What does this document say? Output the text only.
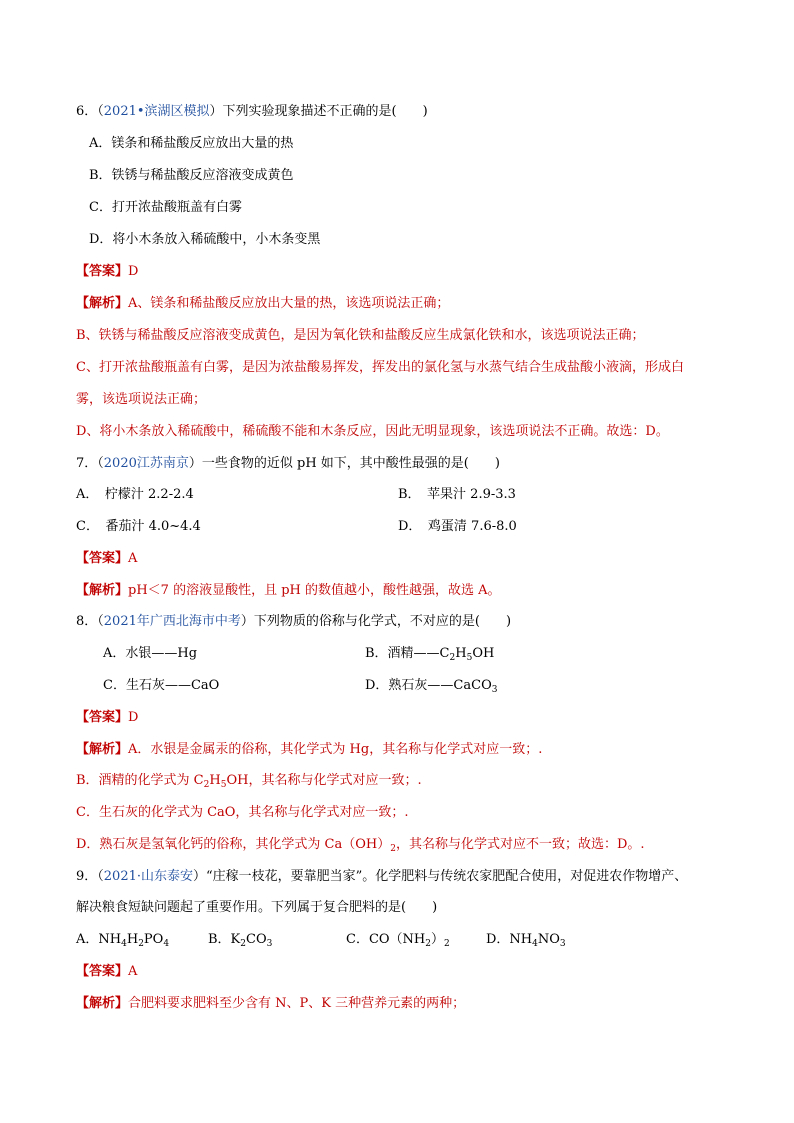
6．（2021•滨湖区模拟）下列实验现象描述不正确的是(　　)
A．镁条和稀盐酸反应放出大量的热
B．铁锈与稀盐酸反应溶液变成黄色
C．打开浓盐酸瓶盖有白雾
D．将小木条放入稀硫酸中，小木条变黑
【答案】D
【解析】A、镁条和稀盐酸反应放出大量的热，该选项说法正确；
B、铁锈与稀盐酸反应溶液变成黄色，是因为氧化铁和盐酸反应生成氯化铁和水，该选项说法正确；
C、打开浓盐酸瓶盖有白雾，是因为浓盐酸易挥发，挥发出的氯化氢与水蒸气结合生成盐酸小液滴，形成白
雾，该选项说法正确；
D、将小木条放入稀硫酸中，稀硫酸不能和木条反应，因此无明显现象，该选项说法不正确。故选：D。
7．（2020江苏南京）一些食物的近似 pH 如下，其中酸性最强的是(　　)
A．　柠檬汁 2.2-2.4	B．　苹果汁 2.9-3.3
C．　番茄汁 4.0~4.4	D．　鸡蛋清 7.6-8.0
【答案】A
【解析】pH＜7 的溶液显酸性，且 pH 的数值越小，酸性越强，故选 A。
8．（2021年广西北海市中考）下列物质的俗称与化学式，不对应的是(　　)
A．水银——Hg	B．酒精$——C_2H_5OH$
C．生石灰——CaO	D．熟石灰——CaCO$_3$
【答案】D
【解析】A．水银是金属汞的俗称，其化学式为 Hg，其名称与化学式对应一致；.
B．酒精的化学式为 $C_2H_5OH$，其名称与化学式对应一致；.
C．生石灰的化学式为 CaO，其名称与化学式对应一致；.
D．熟石灰是氢氧化钙的俗称，其化学式为 $Ca(OH)_2$，其名称与化学式对应不一致；故选：D。.
9．（2021·山东泰安）“庄稼一枝花，要靠肥当家”。化学肥料与传统农家肥配合使用，对促进农作物增产、
解决粮食短缺问题起了重要作用。下列属于复合肥料的是(　　)
A．$NH_4H_2PO_4$	B．$K_2CO_3$	C．$CO(NH_2)_2$	D．$NH_4NO_3$
【答案】A
【解析】合肥料要求肥料至少含有 N、P、K 三种营养元素的两种；
